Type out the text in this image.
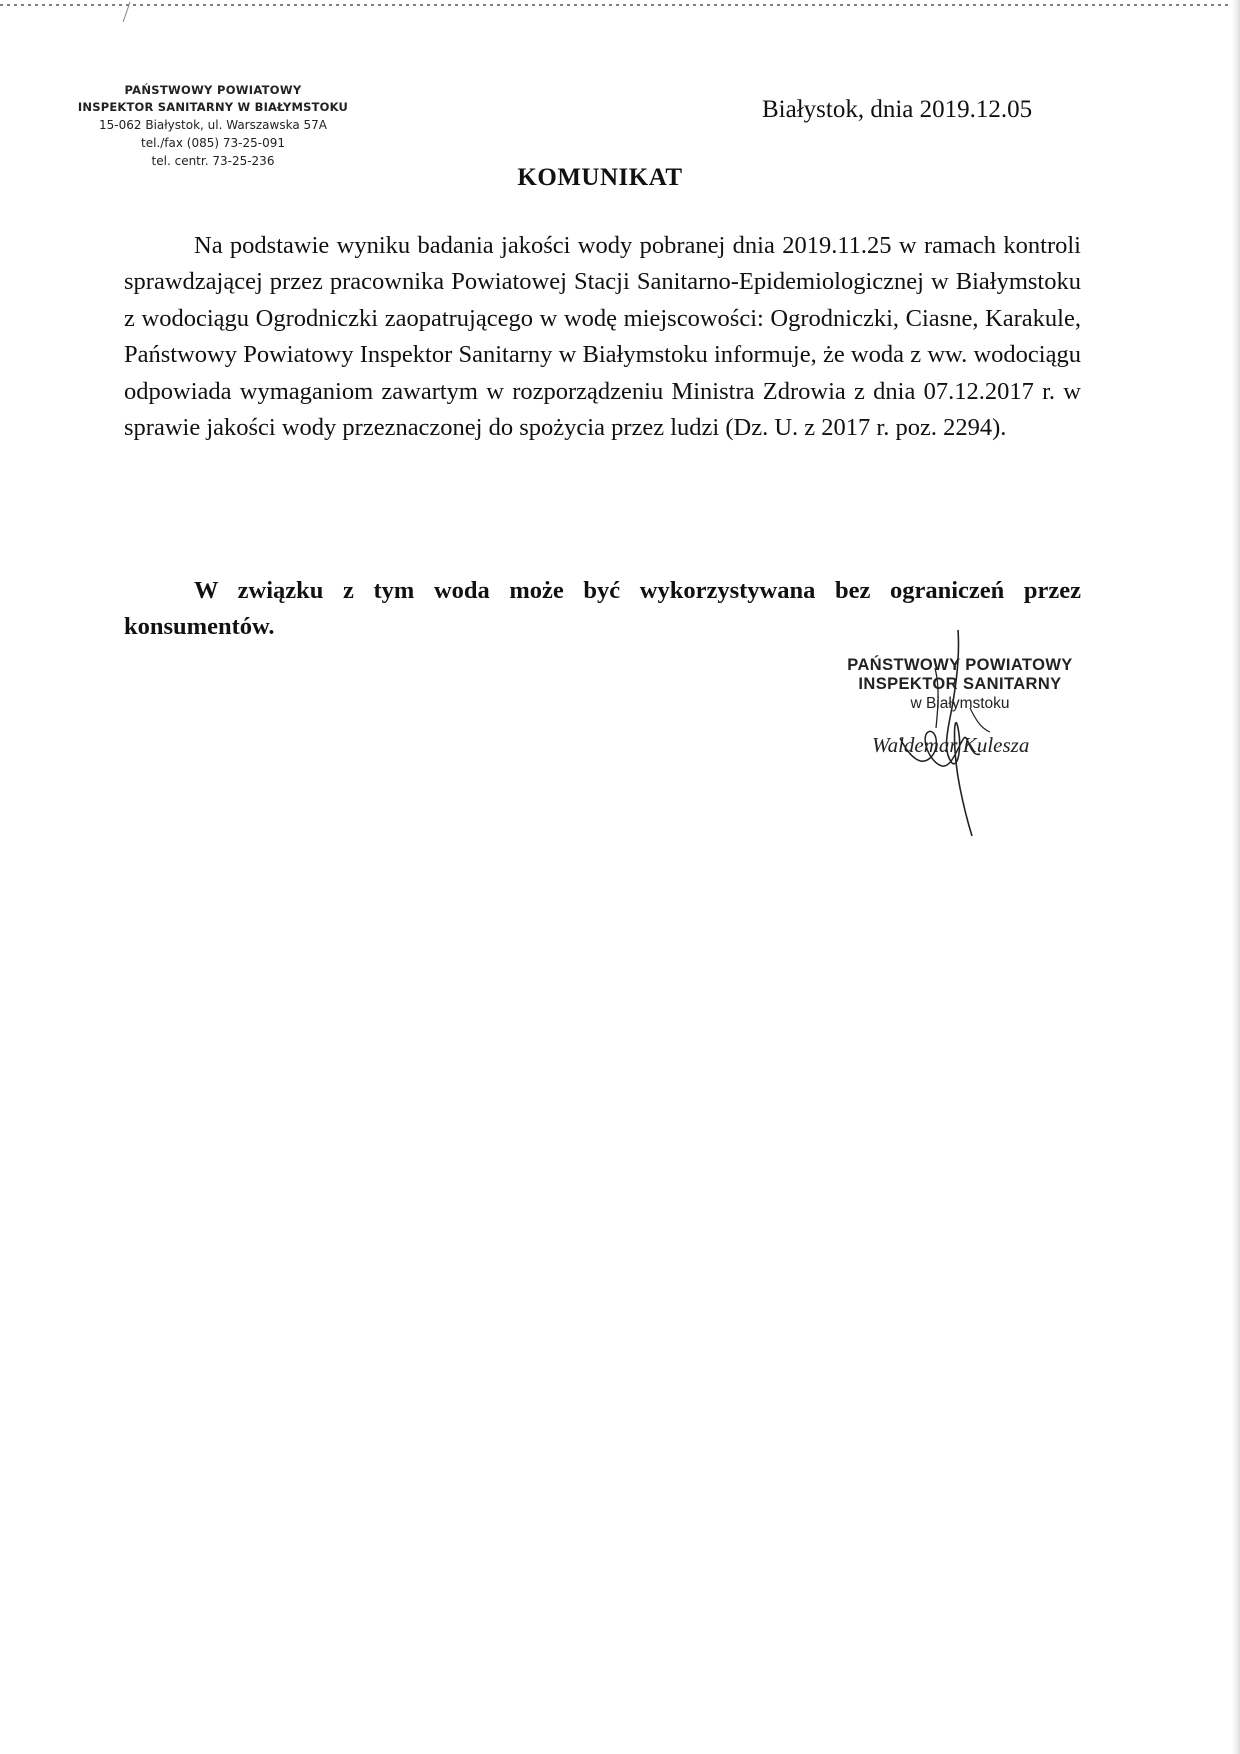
PAŃSTWOWY POWIATOWY
INSPEKTOR SANITARNY W BIAŁYMSTOKU
15-062 Białystok, ul. Warszawska 57A
tel./fax (085) 73-25-091
tel. centr. 73-25-236
Białystok, dnia 2019.12.05
KOMUNIKAT

Na podstawie wyniku badania jakości wody pobranej dnia 2019.11.25 w ramach kontroli sprawdzającej przez pracownika Powiatowej Stacji Sanitarno-Epidemiologicznej w Białymstoku z wodociągu Ogrodniczki zaopatrującego w wodę miejscowości: Ogrodniczki, Ciasne, Karakule, Państwowy Powiatowy Inspektor Sanitarny w Białymstoku informuje, że woda z ww. wodociągu odpowiada wymaganiom zawartym w rozporządzeniu Ministra Zdrowia z dnia 07.12.2017 r. w sprawie jakości wody przeznaczonej do spożycia przez ludzi (Dz. U. z 2017 r. poz. 2294).

W związku z tym woda może być wykorzystywana bez ograniczeń przez konsumentów.

PAŃSTWOWY POWIATOWY
INSPEKTOR SANITARNY
w Białymstoku
Waldemar Kulesza
